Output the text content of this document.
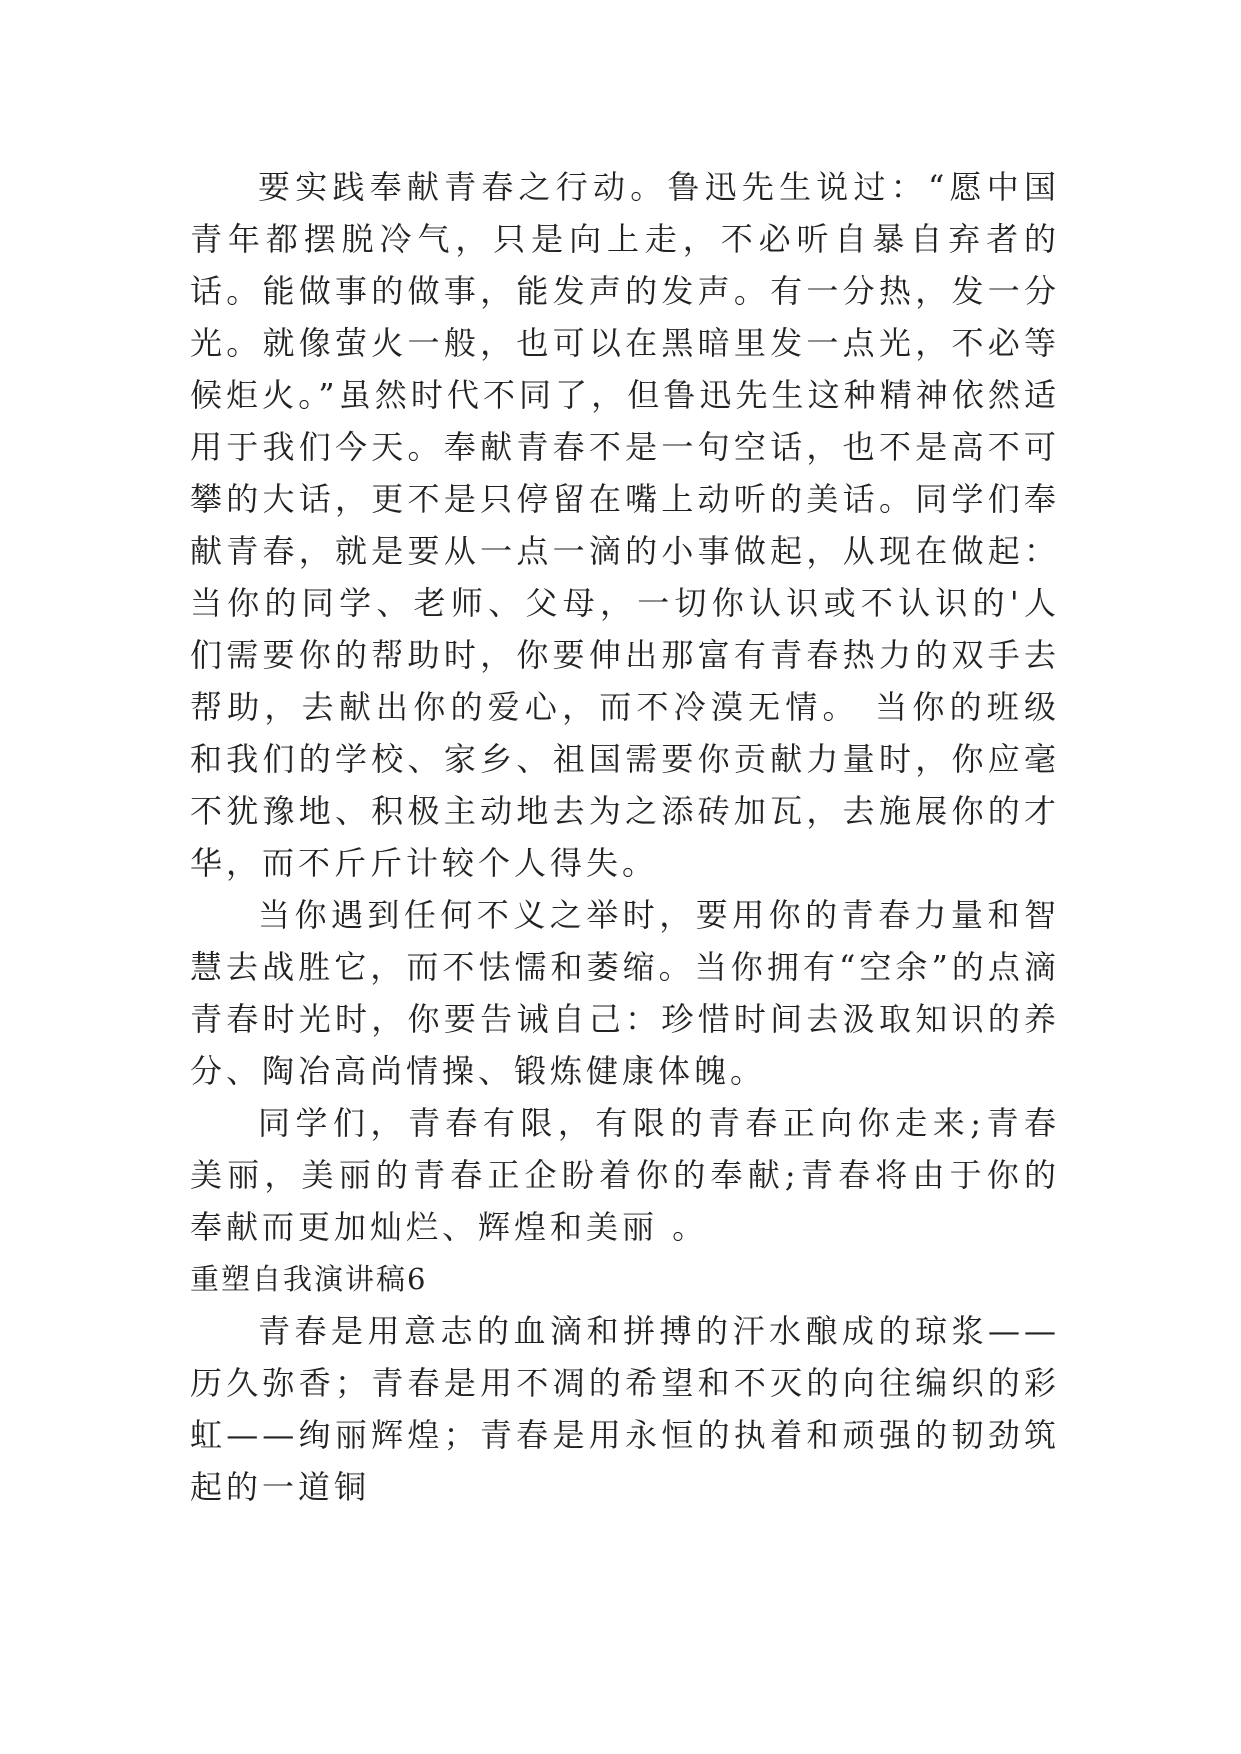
要实践奉献青春之行动。鲁迅先生说过：“愿中国青年都摆脱冷气，只是向上走，不必听自暴自弃者的话。能做事的做事，能发声的发声。有一分热，发一分光。就像萤火一般，也可以在黑暗里发一点光，不必等候炬火。”虽然时代不同了，但鲁迅先生这种精神依然适用于我们今天。奉献青春不是一句空话，也不是高不可攀的大话，更不是只停留在嘴上动听的美话。同学们奉献青春，就是要从一点一滴的小事做起，从现在做起：当你的同学、老师、父母，一切你认识或不认识的'人们需要你的帮助时，你要伸出那富有青春热力的双手去帮助，去献出你的爱心，而不冷漠无情。 当你的班级和我们的学校、家乡、祖国需要你贡献力量时，你应毫不犹豫地、积极主动地去为之添砖加瓦，去施展你的才华，而不斤斤计较个人得失。

当你遇到任何不义之举时，要用你的青春力量和智慧去战胜它，而不怯懦和萎缩。当你拥有“空余”的点滴青春时光时，你要告诫自己：珍惜时间去汲取知识的养分、陶冶高尚情操、锻炼健康体魄。

同学们，青春有限，有限的青春正向你走来;青春美丽，美丽的青春正企盼着你的奉献;青春将由于你的奉献而更加灿烂、辉煌和美丽 。

重塑自我演讲稿6

青春是用意志的血滴和拼搏的汗水酿成的琼浆——历久弥香；青春是用不凋的希望和不灭的向往编织的彩虹——绚丽辉煌；青春是用永恒的执着和顽强的韧劲筑起的一道铜
